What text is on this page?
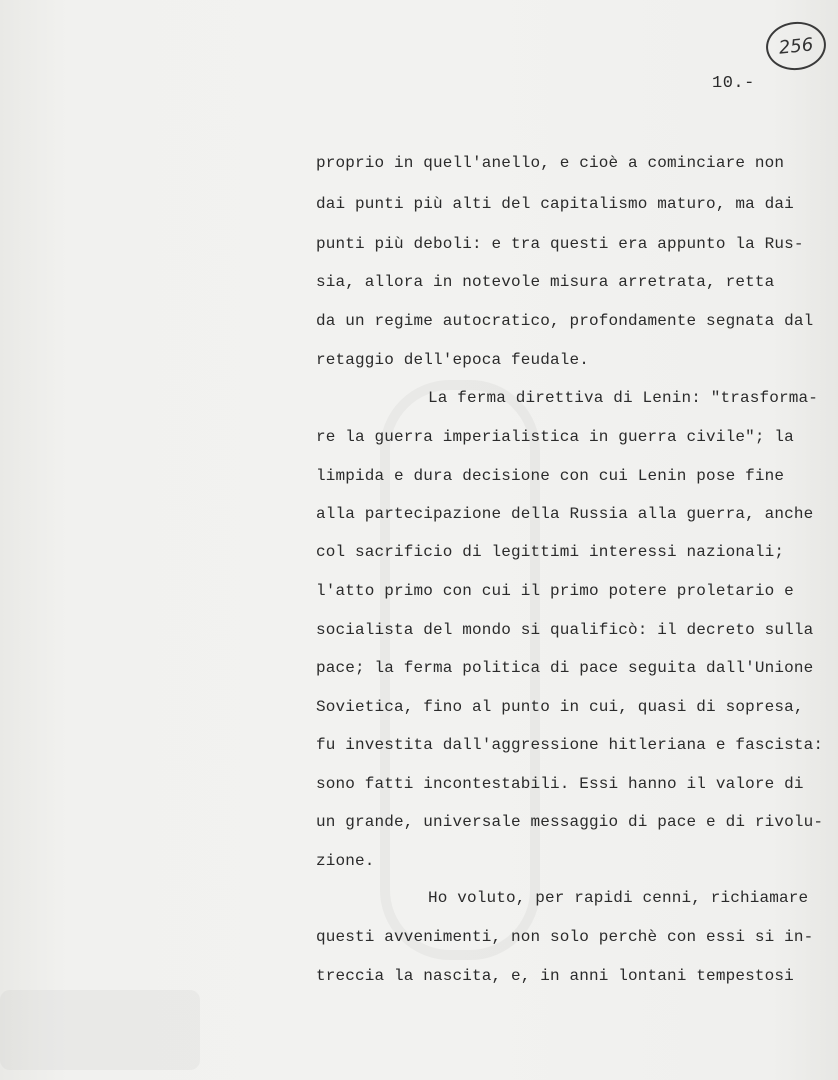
256
10.-
proprio in quell'anello, e cioè a cominciare non
dai punti più alti del capitalismo maturo, ma dai
punti più deboli: e tra questi era appunto la Rus-
sia, allora in notevole misura arretrata, retta
da un regime autocratico, profondamente segnata dal
retaggio dell'epoca feudale.
La ferma direttiva di Lenin: "trasforma-
re la guerra imperialistica in guerra civile"; la
limpida e dura decisione con cui Lenin pose fine
alla partecipazione della Russia alla guerra, anche
col sacrificio di legittimi interessi nazionali;
l'atto primo con cui il primo potere proletario e
socialista del mondo si qualificò: il decreto sulla
pace; la ferma politica di pace seguita dall'Unione
Sovietica, fino al punto in cui, quasi di sopresa,
fu investita dall'aggressione hitleriana e fascista:
sono fatti incontestabili. Essi hanno il valore di
un grande, universale messaggio di pace e di rivolu-
zione.
Ho voluto, per rapidi cenni, richiamare
questi avvenimenti, non solo perchè con essi si in-
treccia la nascita, e, in anni lontani tempestosi
